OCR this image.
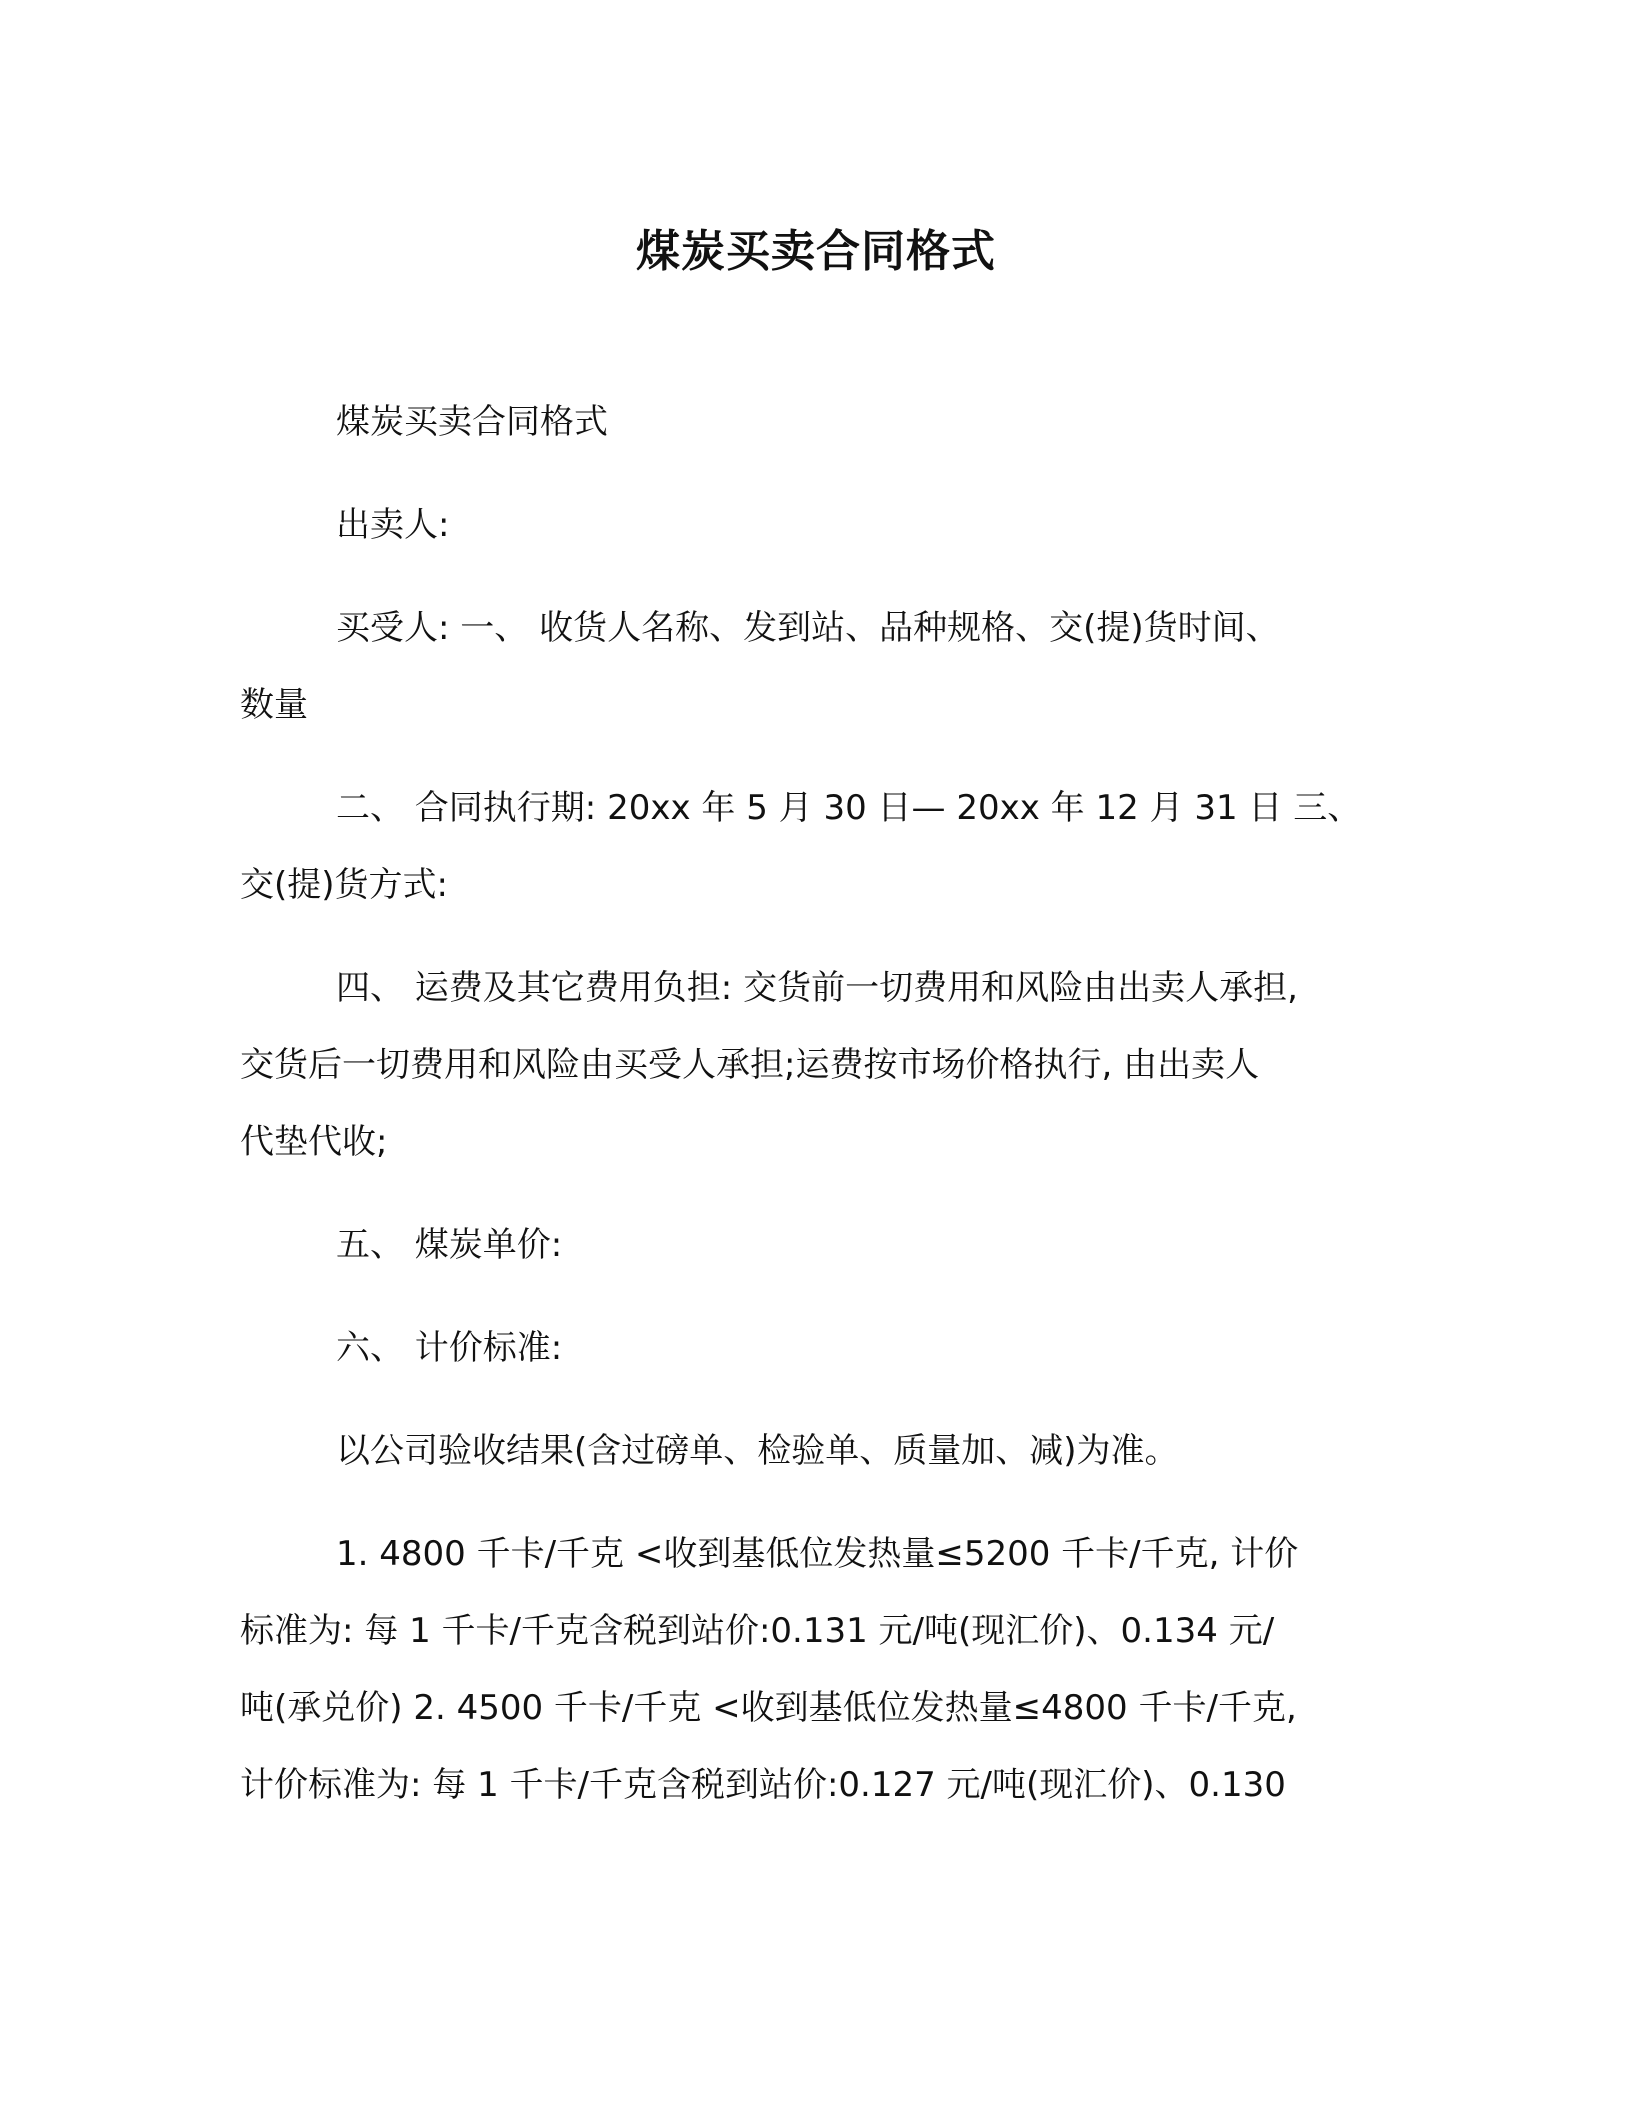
煤炭买卖合同格式
煤炭买卖合同格式
出卖人:
买受人: 一、 收货人名称、发到站、品种规格、交(提)货时间、
数量
二、 合同执行期: 20xx 年 5 月 30 日— 20xx 年 12 月 31 日 三、
交(提)货方式:
四、 运费及其它费用负担: 交货前一切费用和风险由出卖人承担,
交货后一切费用和风险由买受人承担;运费按市场价格执行, 由出卖人
代垫代收;
五、 煤炭单价:
六、 计价标准:
以公司验收结果(含过磅单、检验单、质量加、减)为准。
1. 4800 千卡/千克 <收到基低位发热量≤5200 千卡/千克, 计价
标准为: 每 1 千卡/千克含税到站价:0.131 元/吨(现汇价)、0.134 元/
吨(承兑价) 2. 4500 千卡/千克 <收到基低位发热量≤4800 千卡/千克,
计价标准为: 每 1 千卡/千克含税到站价:0.127 元/吨(现汇价)、0.130
